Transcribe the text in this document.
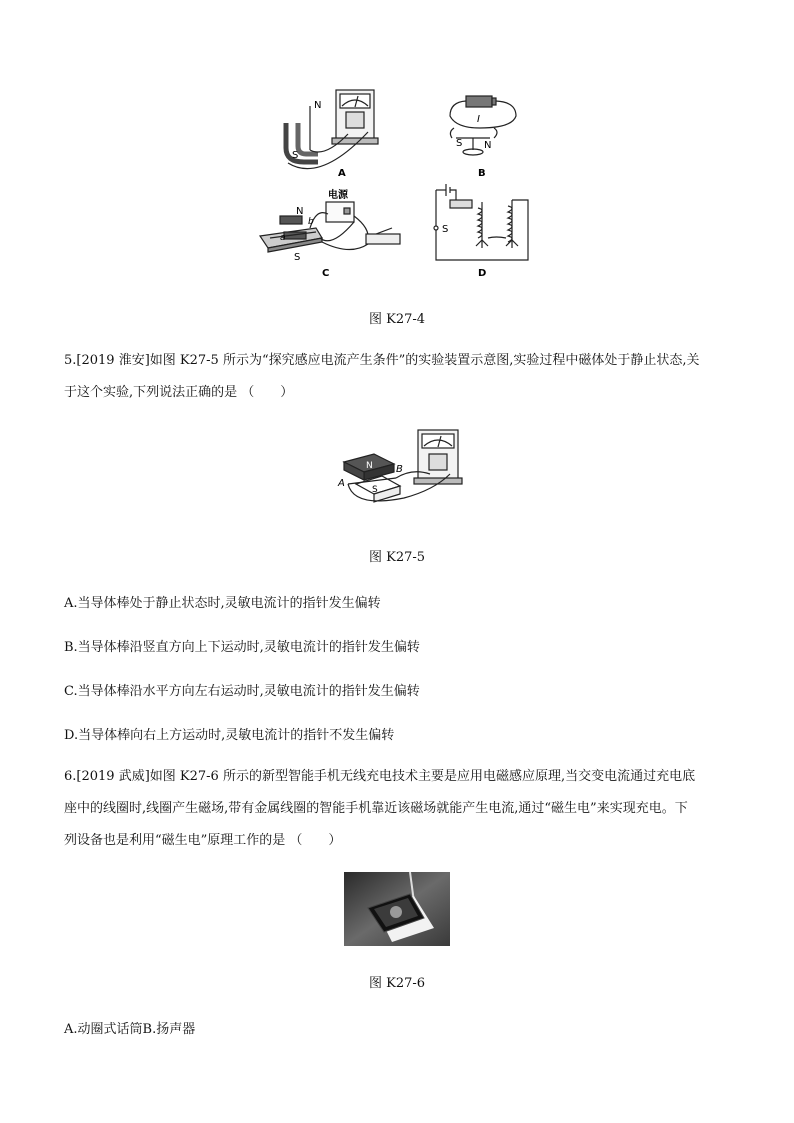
N
S
A
I
S N
B
电源
N
S
b
a
C
S
D
图 K27-4
5.[2019 淮安]如图 K27-5 所示为“探究感应电流产生条件”的实验装置示意图,实验过程中磁体处于静止状态,关
于这个实验,下列说法正确的是 （　　）
N
S
A
B
图 K27-5
A.当导体棒处于静止状态时,灵敏电流计的指针发生偏转
B.当导体棒沿竖直方向上下运动时,灵敏电流计的指针发生偏转
C.当导体棒沿水平方向左右运动时,灵敏电流计的指针发生偏转
D.当导体棒向右上方运动时,灵敏电流计的指针不发生偏转
6.[2019 武威]如图 K27-6 所示的新型智能手机无线充电技术主要是应用电磁感应原理,当交变电流通过充电底
座中的线圈时,线圈产生磁场,带有金属线圈的智能手机靠近该磁场就能产生电流,通过“磁生电”来实现充电。下
列设备也是利用“磁生电”原理工作的是 （　　）
图 K27-6
A.动圈式话筒B.扬声器
